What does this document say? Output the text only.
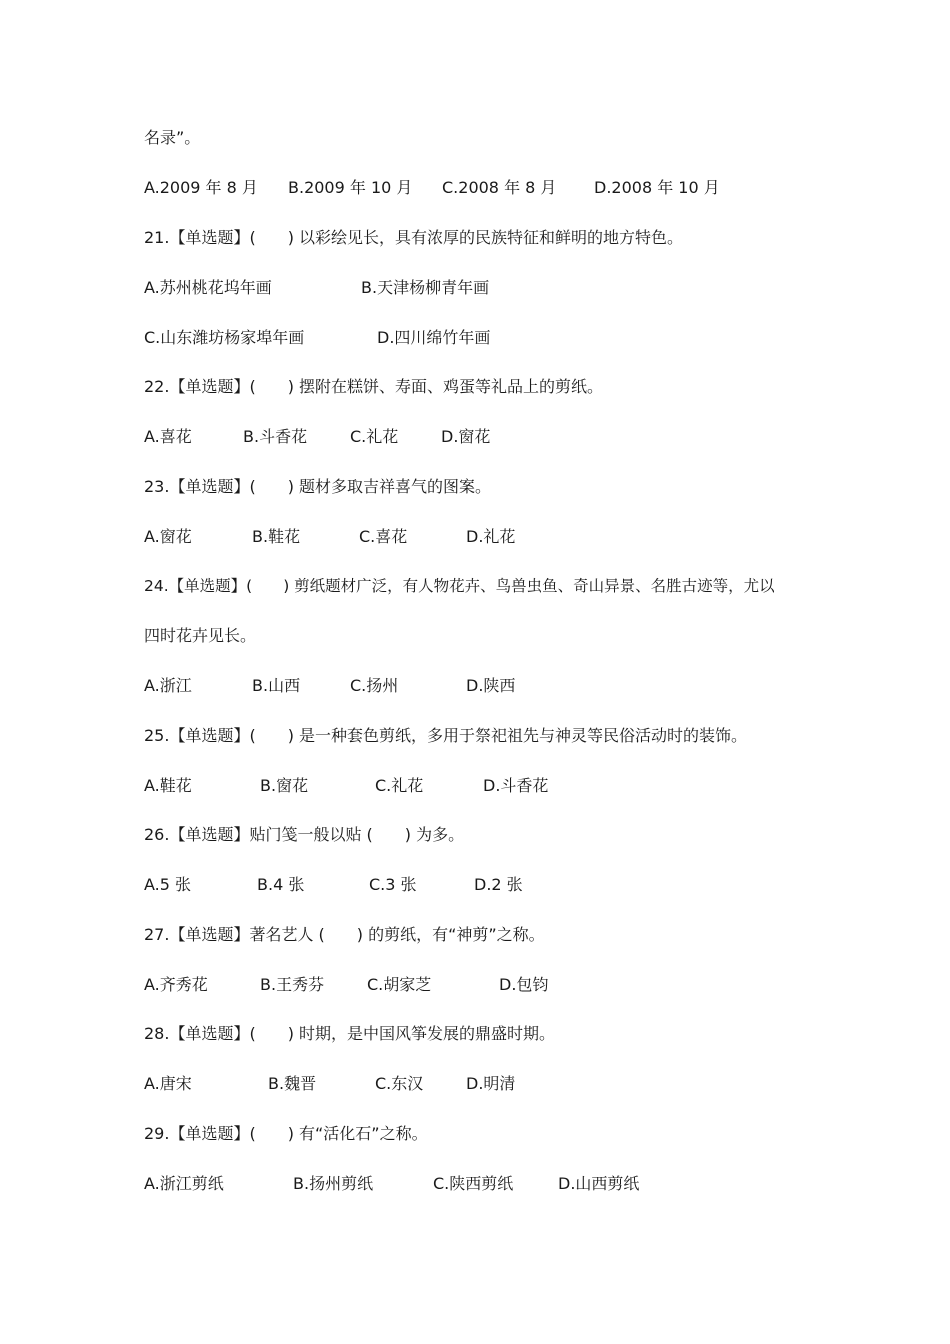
名录”。
A.2009 年 8 月 B.2009 年 10 月 C.2008 年 8 月 D.2008 年 10 月
21.【单选题】(　　) 以彩绘见长，具有浓厚的民族特征和鲜明的地方特色。
A.苏州桃花坞年画	B.天津杨柳青年画
C.山东潍坊杨家埠年画	D.四川绵竹年画
22.【单选题】(　　) 摆附在糕饼、寿面、鸡蛋等礼品上的剪纸。
A.喜花	B.斗香花	C.礼花	D.窗花
23.【单选题】(　　) 题材多取吉祥喜气的图案。
A.窗花	B.鞋花	C.喜花	D.礼花
24.【单选题】(　　) 剪纸题材广泛，有人物花卉、鸟兽虫鱼、奇山异景、名胜古迹等，尤以
四时花卉见长。
A.浙江	B.山西	C.扬州	D.陕西
25.【单选题】(　　) 是一种套色剪纸，多用于祭祀祖先与神灵等民俗活动时的装饰。
A.鞋花	B.窗花	C.礼花	D.斗香花
26.【单选题】贴门笺一般以贴 (　　) 为多。
A.5 张	B.4 张	C.3 张	D.2 张
27.【单选题】著名艺人 (　　) 的剪纸，有“神剪”之称。
A.齐秀花	B.王秀芬	C.胡家芝	D.包钧
28.【单选题】(　　) 时期，是中国风筝发展的鼎盛时期。
A.唐宋	B.魏晋	C.东汉	D.明清
29.【单选题】(　　) 有“活化石”之称。
A.浙江剪纸	B.扬州剪纸	C.陕西剪纸	D.山西剪纸
